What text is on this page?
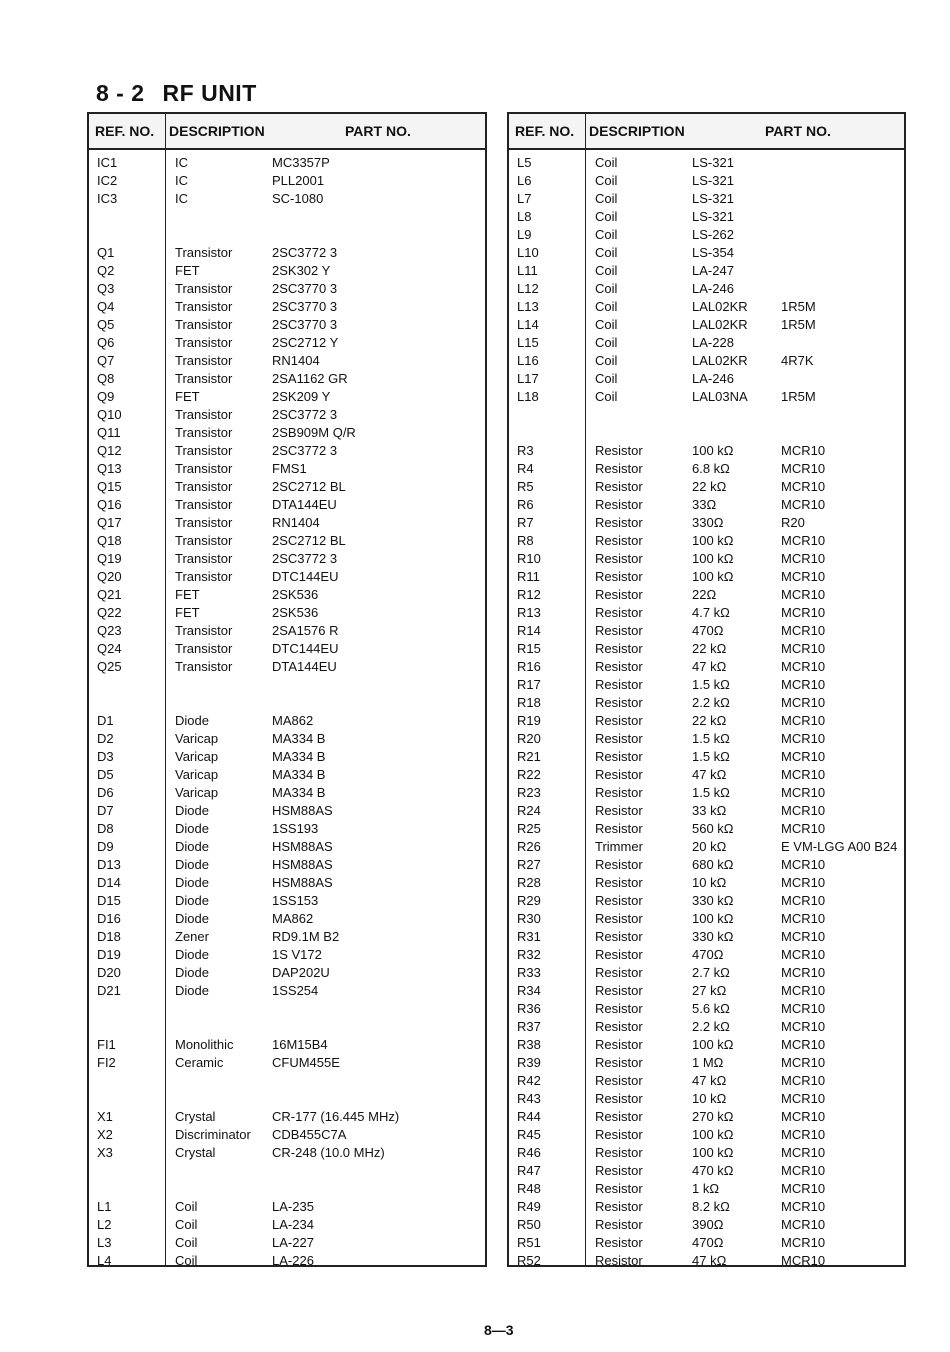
8 - 2 RF UNIT
REF. NO. DESCRIPTION	PART NO.
IC1	IC	MC3357P
IC2	IC	PLL2001
IC3	IC	SC-1080
Q1	Transistor	2SC3772 3
Q2	FET	2SK302 Y
Q3	Transistor	2SC3770 3
Q4	Transistor	2SC3770 3
Q5	Transistor	2SC3770 3
Q6	Transistor	2SC2712 Y
Q7	Transistor	RN1404
Q8	Transistor	2SA1162 GR
Q9	FET	2SK209 Y
Q10	Transistor	2SC3772 3
Q11	Transistor	2SB909M Q/R
Q12	Transistor	2SC3772 3
Q13	Transistor	FMS1
Q15	Transistor	2SC2712 BL
Q16	Transistor	DTA144EU
Q17	Transistor	RN1404
Q18	Transistor	2SC2712 BL
Q19	Transistor	2SC3772 3
Q20	Transistor	DTC144EU
Q21	FET	2SK536
Q22	FET	2SK536
Q23	Transistor	2SA1576 R
Q24	Transistor	DTC144EU
Q25	Transistor	DTA144EU
D1	Diode	MA862
D2	Varicap	MA334 B
D3	Varicap	MA334 B
D5	Varicap	MA334 B
D6	Varicap	MA334 B
D7	Diode	HSM88AS
D8	Diode	1SS193
D9	Diode	HSM88AS
D13	Diode	HSM88AS
D14	Diode	HSM88AS
D15	Diode	1SS153
D16	Diode	MA862
D18	Zener	RD9.1M B2
D19	Diode	1S V172
D20	Diode	DAP202U
D21	Diode	1SS254
FI1	Monolithic	16M15B4
FI2	Ceramic	CFUM455E
X1	Crystal	CR-177 (16.445 MHz)
X2	Discriminator CDB455C7A
X3	Crystal	CR-248 (10.0 MHz)
L1	Coil	LA-235
L2	Coil	LA-234
L3	Coil	LA-227
L4	Coil	LA-226
REF. NO. DESCRIPTION	PART NO.
L5	Coil	LS-321
L6	Coil	LS-321
L7	Coil	LS-321
L8	Coil	LS-321
L9	Coil	LS-262
L10	Coil	LS-354
L11	Coil	LA-247
L12	Coil	LA-246
L13	Coil	LAL02KR	1R5M
L14	Coil	LAL02KR	1R5M
L15	Coil	LA-228
L16	Coil	LAL02KR	4R7K
L17	Coil	LA-246
L18	Coil	LAL03NA	1R5M
R3	Resistor	100 kΩ	MCR10
R4	Resistor	6.8 kΩ	MCR10
R5	Resistor	22 kΩ	MCR10
R6	Resistor	33Ω	MCR10
R7	Resistor	330Ω	R20
R8	Resistor	100 kΩ	MCR10
R10	Resistor	100 kΩ	MCR10
R11	Resistor	100 kΩ	MCR10
R12	Resistor	22Ω	MCR10
R13	Resistor	4.7 kΩ	MCR10
R14	Resistor	470Ω	MCR10
R15	Resistor	22 kΩ	MCR10
R16	Resistor	47 kΩ	MCR10
R17	Resistor	1.5 kΩ	MCR10
R18	Resistor	2.2 kΩ	MCR10
R19	Resistor	22 kΩ	MCR10
R20	Resistor	1.5 kΩ	MCR10
R21	Resistor	1.5 kΩ	MCR10
R22	Resistor	47 kΩ	MCR10
R23	Resistor	1.5 kΩ	MCR10
R24	Resistor	33 kΩ	MCR10
R25	Resistor	560 kΩ	MCR10
R26	Trimmer	20 kΩ	E VM-LGG A00 B24
R27	Resistor	680 kΩ	MCR10
R28	Resistor	10 kΩ	MCR10
R29	Resistor	330 kΩ	MCR10
R30	Resistor	100 kΩ	MCR10
R31	Resistor	330 kΩ	MCR10
R32	Resistor	470Ω	MCR10
R33	Resistor	2.7 kΩ	MCR10
R34	Resistor	27 kΩ	MCR10
R36	Resistor	5.6 kΩ	MCR10
R37	Resistor	2.2 kΩ	MCR10
R38	Resistor	100 kΩ	MCR10
R39	Resistor	1 MΩ	MCR10
R42	Resistor	47 kΩ	MCR10
R43	Resistor	10 kΩ	MCR10
R44	Resistor	270 kΩ	MCR10
R45	Resistor	100 kΩ	MCR10
R46	Resistor	100 kΩ	MCR10
R47	Resistor	470 kΩ	MCR10
R48	Resistor	1 kΩ	MCR10
R49	Resistor	8.2 kΩ	MCR10
R50	Resistor	390Ω	MCR10
R51	Resistor	470Ω	MCR10
R52	Resistor	47 kΩ	MCR10
8—3
